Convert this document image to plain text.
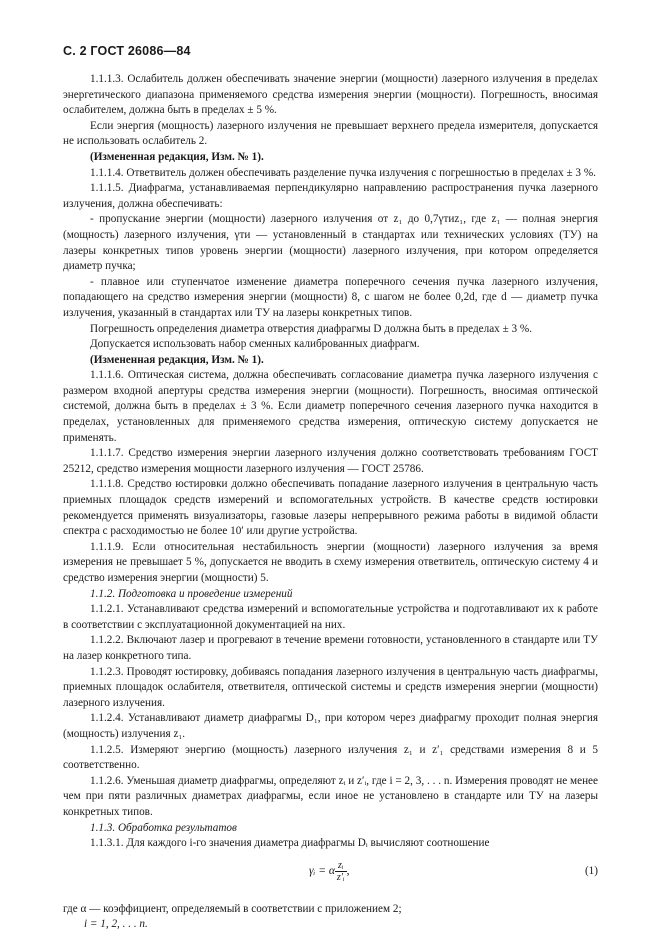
С. 2 ГОСТ 26086—84

1.1.1.3. Ослабитель должен обеспечивать значение энергии (мощности) лазерного излучения в пределах энергетического диапазона применяемого средства измерения энергии (мощности). Погрешность, вносимая ослабителем, должна быть в пределах ± 5 %.

Если энергия (мощность) лазерного излучения не превышает верхнего предела измерителя, допускается не использовать ослабитель 2.

(Измененная редакция, Изм. № 1).

1.1.1.4. Ответвитель должен обеспечивать разделение пучка излучения с погрешностью в пределах ± 3 %.

1.1.1.5. Диафрагма, устанавливаемая перпендикулярно направлению распространения пучка лазерного излучения, должна обеспечивать:

- пропускание энергии (мощности) лазерного излучения от z₁ до 0,7γтиz₁, где z₁ — полная энергия (мощность) лазерного излучения, γти — установленный в стандартах или технических условиях (ТУ) на лазеры конкретных типов уровень энергии (мощности) лазерного излучения, при котором определяется диаметр пучка;

- плавное или ступенчатое изменение диаметра поперечного сечения пучка лазерного излучения, попадающего на средство измерения энергии (мощности) 8, с шагом не более 0,2d, где d — диаметр пучка излучения, указанный в стандартах или ТУ на лазеры конкретных типов.

Погрешность определения диаметра отверстия диафрагмы D должна быть в пределах ± 3 %.

Допускается использовать набор сменных калиброванных диафрагм.

(Измененная редакция, Изм. № 1).

1.1.1.6. Оптическая система, должна обеспечивать согласование диаметра пучка лазерного излучения с размером входной апертуры средства измерения энергии (мощности). Погрешность, вносимая оптической системой, должна быть в пределах ± 3 %. Если диаметр поперечного сечения лазерного пучка находится в пределах, установленных для применяемого средства измерения, оптическую систему допускается не применять.

1.1.1.7. Средство измерения энергии лазерного излучения должно соответствовать требованиям ГОСТ 25212, средство измерения мощности лазерного излучения — ГОСТ 25786.

1.1.1.8. Средство юстировки должно обеспечивать попадание лазерного излучения в центральную часть приемных площадок средств измерений и вспомогательных устройств. В качестве средств юстировки рекомендуется применять визуализаторы, газовые лазеры непрерывного режима работы в видимой области спектра с расходимостью не более 10′ или другие устройства.

1.1.1.9. Если относительная нестабильность энергии (мощности) лазерного излучения за время измерения не превышает 5 %, допускается не вводить в схему измерения ответвитель, оптическую систему 4 и средство измерения энергии (мощности) 5.

1.1.2. Подготовка и проведение измерений

1.1.2.1. Устанавливают средства измерений и вспомогательные устройства и подготавливают их к работе в соответствии с эксплуатационной документацией на них.

1.1.2.2. Включают лазер и прогревают в течение времени готовности, установленного в стандарте или ТУ на лазер конкретного типа.

1.1.2.3. Проводят юстировку, добиваясь попадания лазерного излучения в центральную часть диафрагмы, приемных площадок ослабителя, ответвителя, оптической системы и средств измерения энергии (мощности) лазерного излучения.

1.1.2.4. Устанавливают диаметр диафрагмы D₁, при котором через диафрагму проходит полная энергия (мощность) излучения z₁.

1.1.2.5. Измеряют энергию (мощность) лазерного излучения z₁ и z′₁ средствами измерения 8 и 5 соответственно.

1.1.2.6. Уменьшая диаметр диафрагмы, определяют zᵢ и z′ᵢ, где i = 2, 3, . . . n. Измерения проводят не менее чем при пяти различных диаметрах диафрагмы, если иное не установлено в стандарте или ТУ на лазеры конкретных типов.

1.1.3. Обработка результатов

1.1.3.1. Для каждого i-го значения диаметра диафрагмы Dᵢ вычисляют соотношение

γᵢ = α $\frac{\text{zᵢ}}{\text{z′ᵢ}}$ ,	(1)

где α — коэффициент, определяемый в соответствии с приложением 2;

i = 1, 2, . . . n.
